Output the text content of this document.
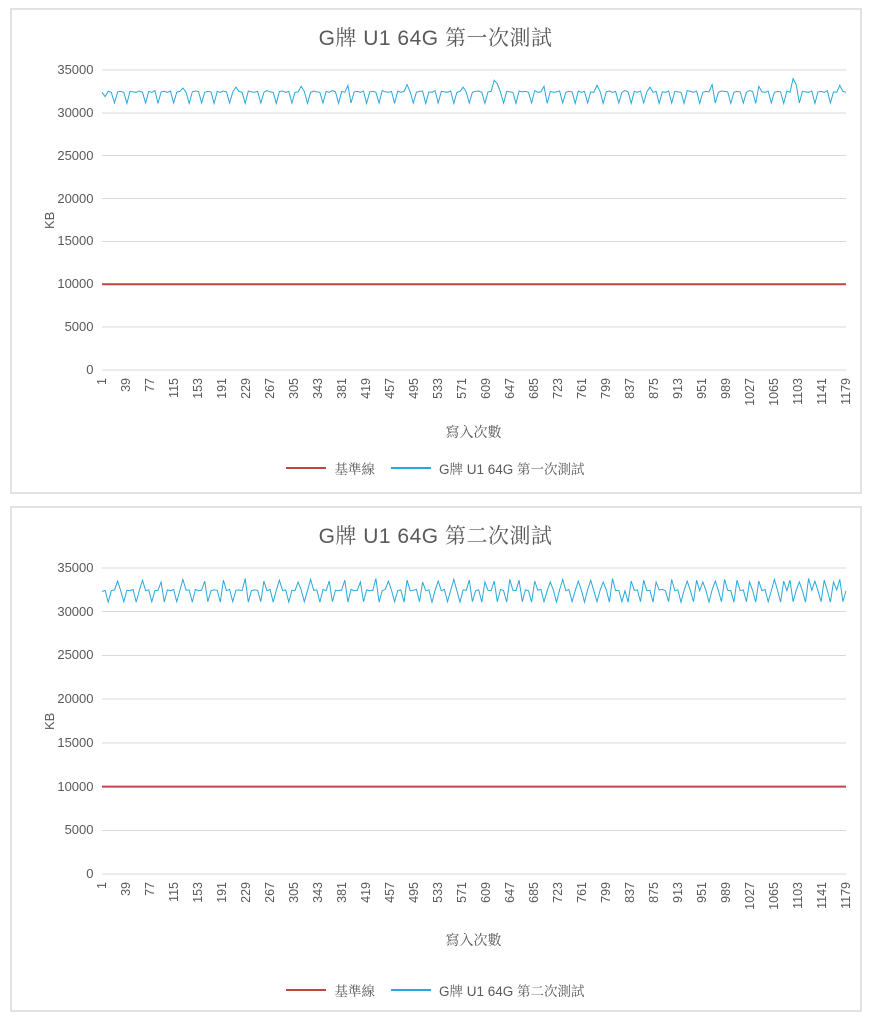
G牌 U1 64G 第一次測試
KB
0
5000
10000
15000
20000
25000
30000
35000
1 39 77 115 153 191 229 267 305 343 381 419 457 495 533 571 609 647 685 723 761 799 837 875 913 951 989 1027 1065 1103 1141 1179
寫入次數
基準線	G牌 U1 64G 第一次測試
G牌 U1 64G 第二次測試
KB
0
5000
10000
15000
20000
25000
30000
35000
1 39 77 115 153 191 229 267 305 343 381 419 457 495 533 571 609 647 685 723 761 799 837 875 913 951 989 1027 1065 1103 1141 1179
寫入次數
基準線	G牌 U1 64G 第二次測試
